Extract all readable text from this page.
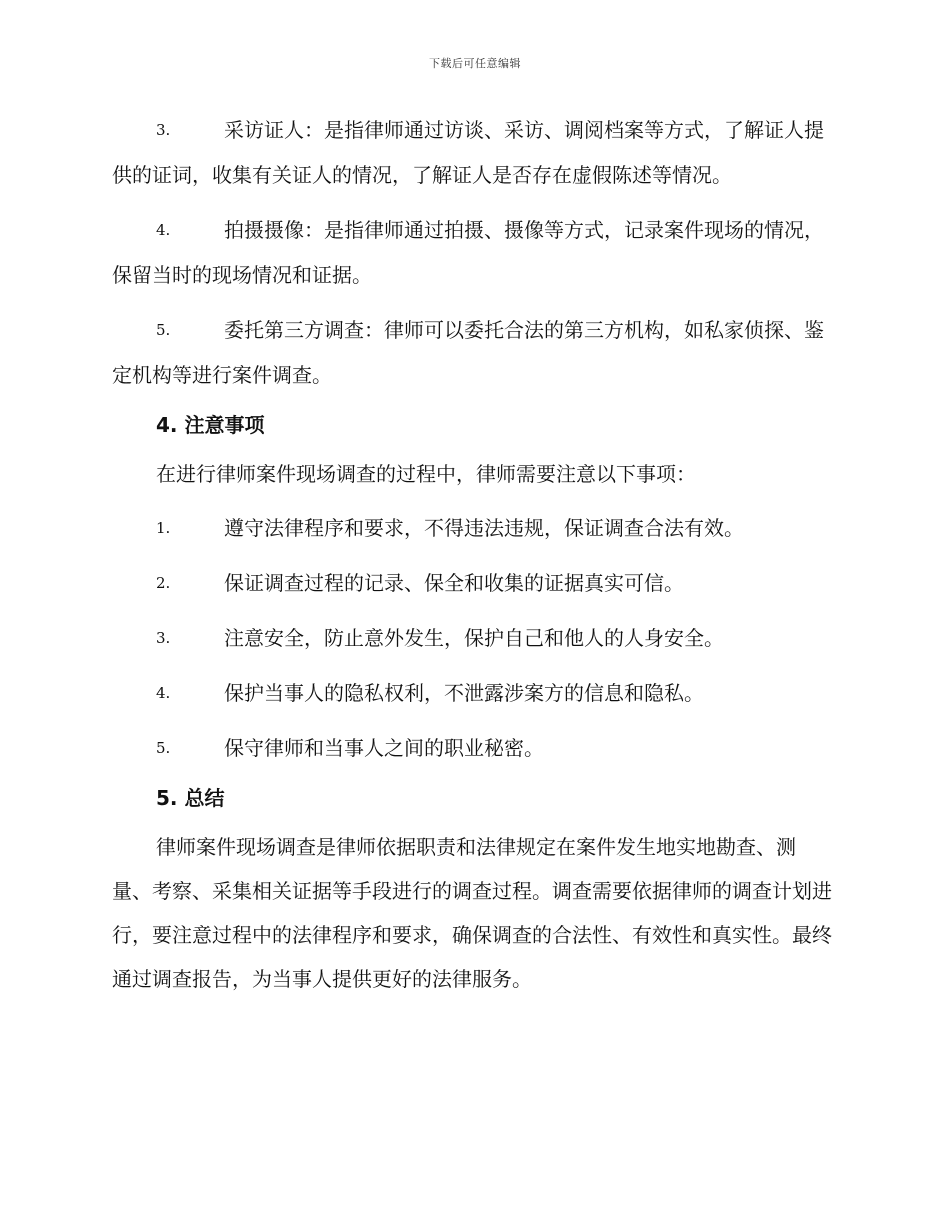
下载后可任意编辑
3.	采访证人：是指律师通过访谈、采访、调阅档案等方式，了解证人提供的证词，收集有关证人的情况，了解证人是否存在虚假陈述等情况。
4.	拍摄摄像：是指律师通过拍摄、摄像等方式，记录案件现场的情况，保留当时的现场情况和证据。
5.	委托第三方调查：律师可以委托合法的第三方机构，如私家侦探、鉴定机构等进行案件调查。
4. 注意事项
在进行律师案件现场调查的过程中，律师需要注意以下事项：
1.	遵守法律程序和要求，不得违法违规，保证调查合法有效。
2.	保证调查过程的记录、保全和收集的证据真实可信。
3.	注意安全，防止意外发生，保护自己和他人的人身安全。
4.	保护当事人的隐私权利，不泄露涉案方的信息和隐私。
5.	保守律师和当事人之间的职业秘密。
5. 总结
律师案件现场调查是律师依据职责和法律规定在案件发生地实地勘查、测量、考察、采集相关证据等手段进行的调查过程。调查需要依据律师的调查计划进行，要注意过程中的法律程序和要求，确保调查的合法性、有效性和真实性。最终通过调查报告，为当事人提供更好的法律服务。
